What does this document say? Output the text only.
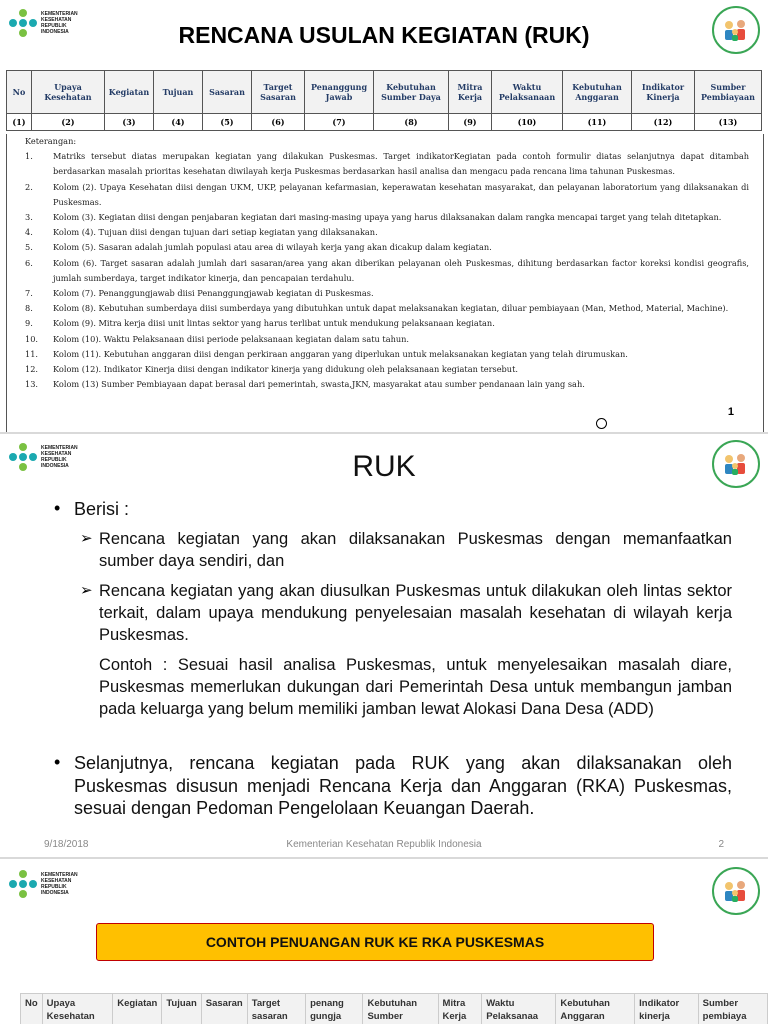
KEMENTERIAN
KESEHATAN
REPUBLIK
INDONESIA	RENCANA USULAN KEGIATAN (RUK)
No	Upaya Kesehatan	Kegiatan	Tujuan	Sasaran	Target Sasaran	Penanggung Jawab	Kebutuhan Sumber Daya	Mitra Kerja	Waktu Pelaksanaan	Kebutuhan Anggaran	Indikator Kinerja	Sumber Pembiayaan
(1)	(2)	(3)	(4)	(5)	(6)	(7)	(8)	(9)	(10)	(11)	(12)	(13)
Keterangan:
1.	Matriks tersebut diatas merupakan kegiatan yang dilakukan Puskesmas. Target indikatorKegiatan pada contoh formulir diatas selanjutnya dapat ditambah berdasarkan masalah prioritas kesehatan diwilayah kerja Puskesmas berdasarkan hasil analisa dan mengacu pada rencana lima tahunan Puskesmas.
2.	Kolom (2). Upaya Kesehatan diisi dengan UKM, UKP, pelayanan kefarmasian, keperawatan kesehatan masyarakat, dan pelayanan laboratorium yang dilaksanakan di Puskesmas.
3.	Kolom (3). Kegiatan diisi dengan penjabaran kegiatan dari masing-masing upaya yang harus dilaksanakan dalam rangka mencapai target yang telah ditetapkan.
4.	Kolom (4). Tujuan diisi dengan tujuan dari setiap kegiatan yang dilaksanakan.
5.	Kolom (5). Sasaran adalah jumlah populasi atau area di wilayah kerja yang akan dicakup dalam kegiatan.
6.	Kolom (6). Target sasaran adalah jumlah dari sasaran/area yang akan diberikan pelayanan oleh Puskesmas, dihitung berdasarkan factor koreksi kondisi geografis, jumlah sumberdaya, target indikator kinerja, dan pencapaian terdahulu.
7.	Kolom (7). Penanggungjawab diisi Penanggungjawab kegiatan di Puskesmas.
8.	Kolom (8). Kebutuhan sumberdaya diisi sumberdaya yang dibutuhkan untuk dapat melaksanakan kegiatan, diluar pembiayaan (Man, Method, Material, Machine).
9.	Kolom (9). Mitra kerja diisi unit lintas sektor yang harus terlibat untuk mendukung pelaksanaan kegiatan.
10.	Kolom (10). Waktu Pelaksanaan diisi periode pelaksanaan kegiatan dalam satu tahun.
11.	Kolom (11). Kebutuhan anggaran diisi dengan perkiraan anggaran yang diperlukan untuk melaksanakan kegiatan yang telah dirumuskan.
12.	Kolom (12). Indikator Kinerja diisi dengan indikator kinerja yang didukung oleh pelaksanaan kegiatan tersebut.
13.	Kolom (13) Sumber Pembiayaan dapat berasal dari pemerintah, swasta,JKN, masyarakat atau sumber pendanaan lain yang sah.
1
KEMENTERIAN
KESEHATAN
REPUBLIK
INDONESIA	RUK
• Berisi :
➢ Rencana kegiatan yang akan dilaksanakan Puskesmas dengan memanfaatkan sumber daya sendiri, dan
➢ Rencana kegiatan yang akan diusulkan Puskesmas untuk dilakukan oleh lintas sektor terkait, dalam upaya mendukung penyelesaian masalah kesehatan di wilayah kerja Puskesmas.
Contoh : Sesuai hasil analisa Puskesmas, untuk menyelesaikan masalah diare, Puskesmas memerlukan dukungan dari Pemerintah Desa untuk membangun jamban pada keluarga yang belum memiliki jamban lewat Alokasi Dana Desa (ADD)
• Selanjutnya, rencana kegiatan pada RUK yang akan dilaksanakan oleh Puskesmas disusun menjadi Rencana Kerja dan Anggaran (RKA) Puskesmas, sesuai dengan Pedoman Pengelolaan Keuangan Daerah.
9/18/2018	Kementerian Kesehatan Republik Indonesia	2
KEMENTERIAN
KESEHATAN
REPUBLIK
INDONESIA
CONTOH PENUANGAN RUK KE RKA PUSKESMAS
No	Upaya Kesehatan	Kegiatan	Tujuan	Sasaran	Target sasaran	penang gungja	Kebutuhan Sumber	Mitra Kerja	Waktu Pelaksanaa	Kebutuhan Anggaran	Indikator kinerja	Sumber pembiaya
